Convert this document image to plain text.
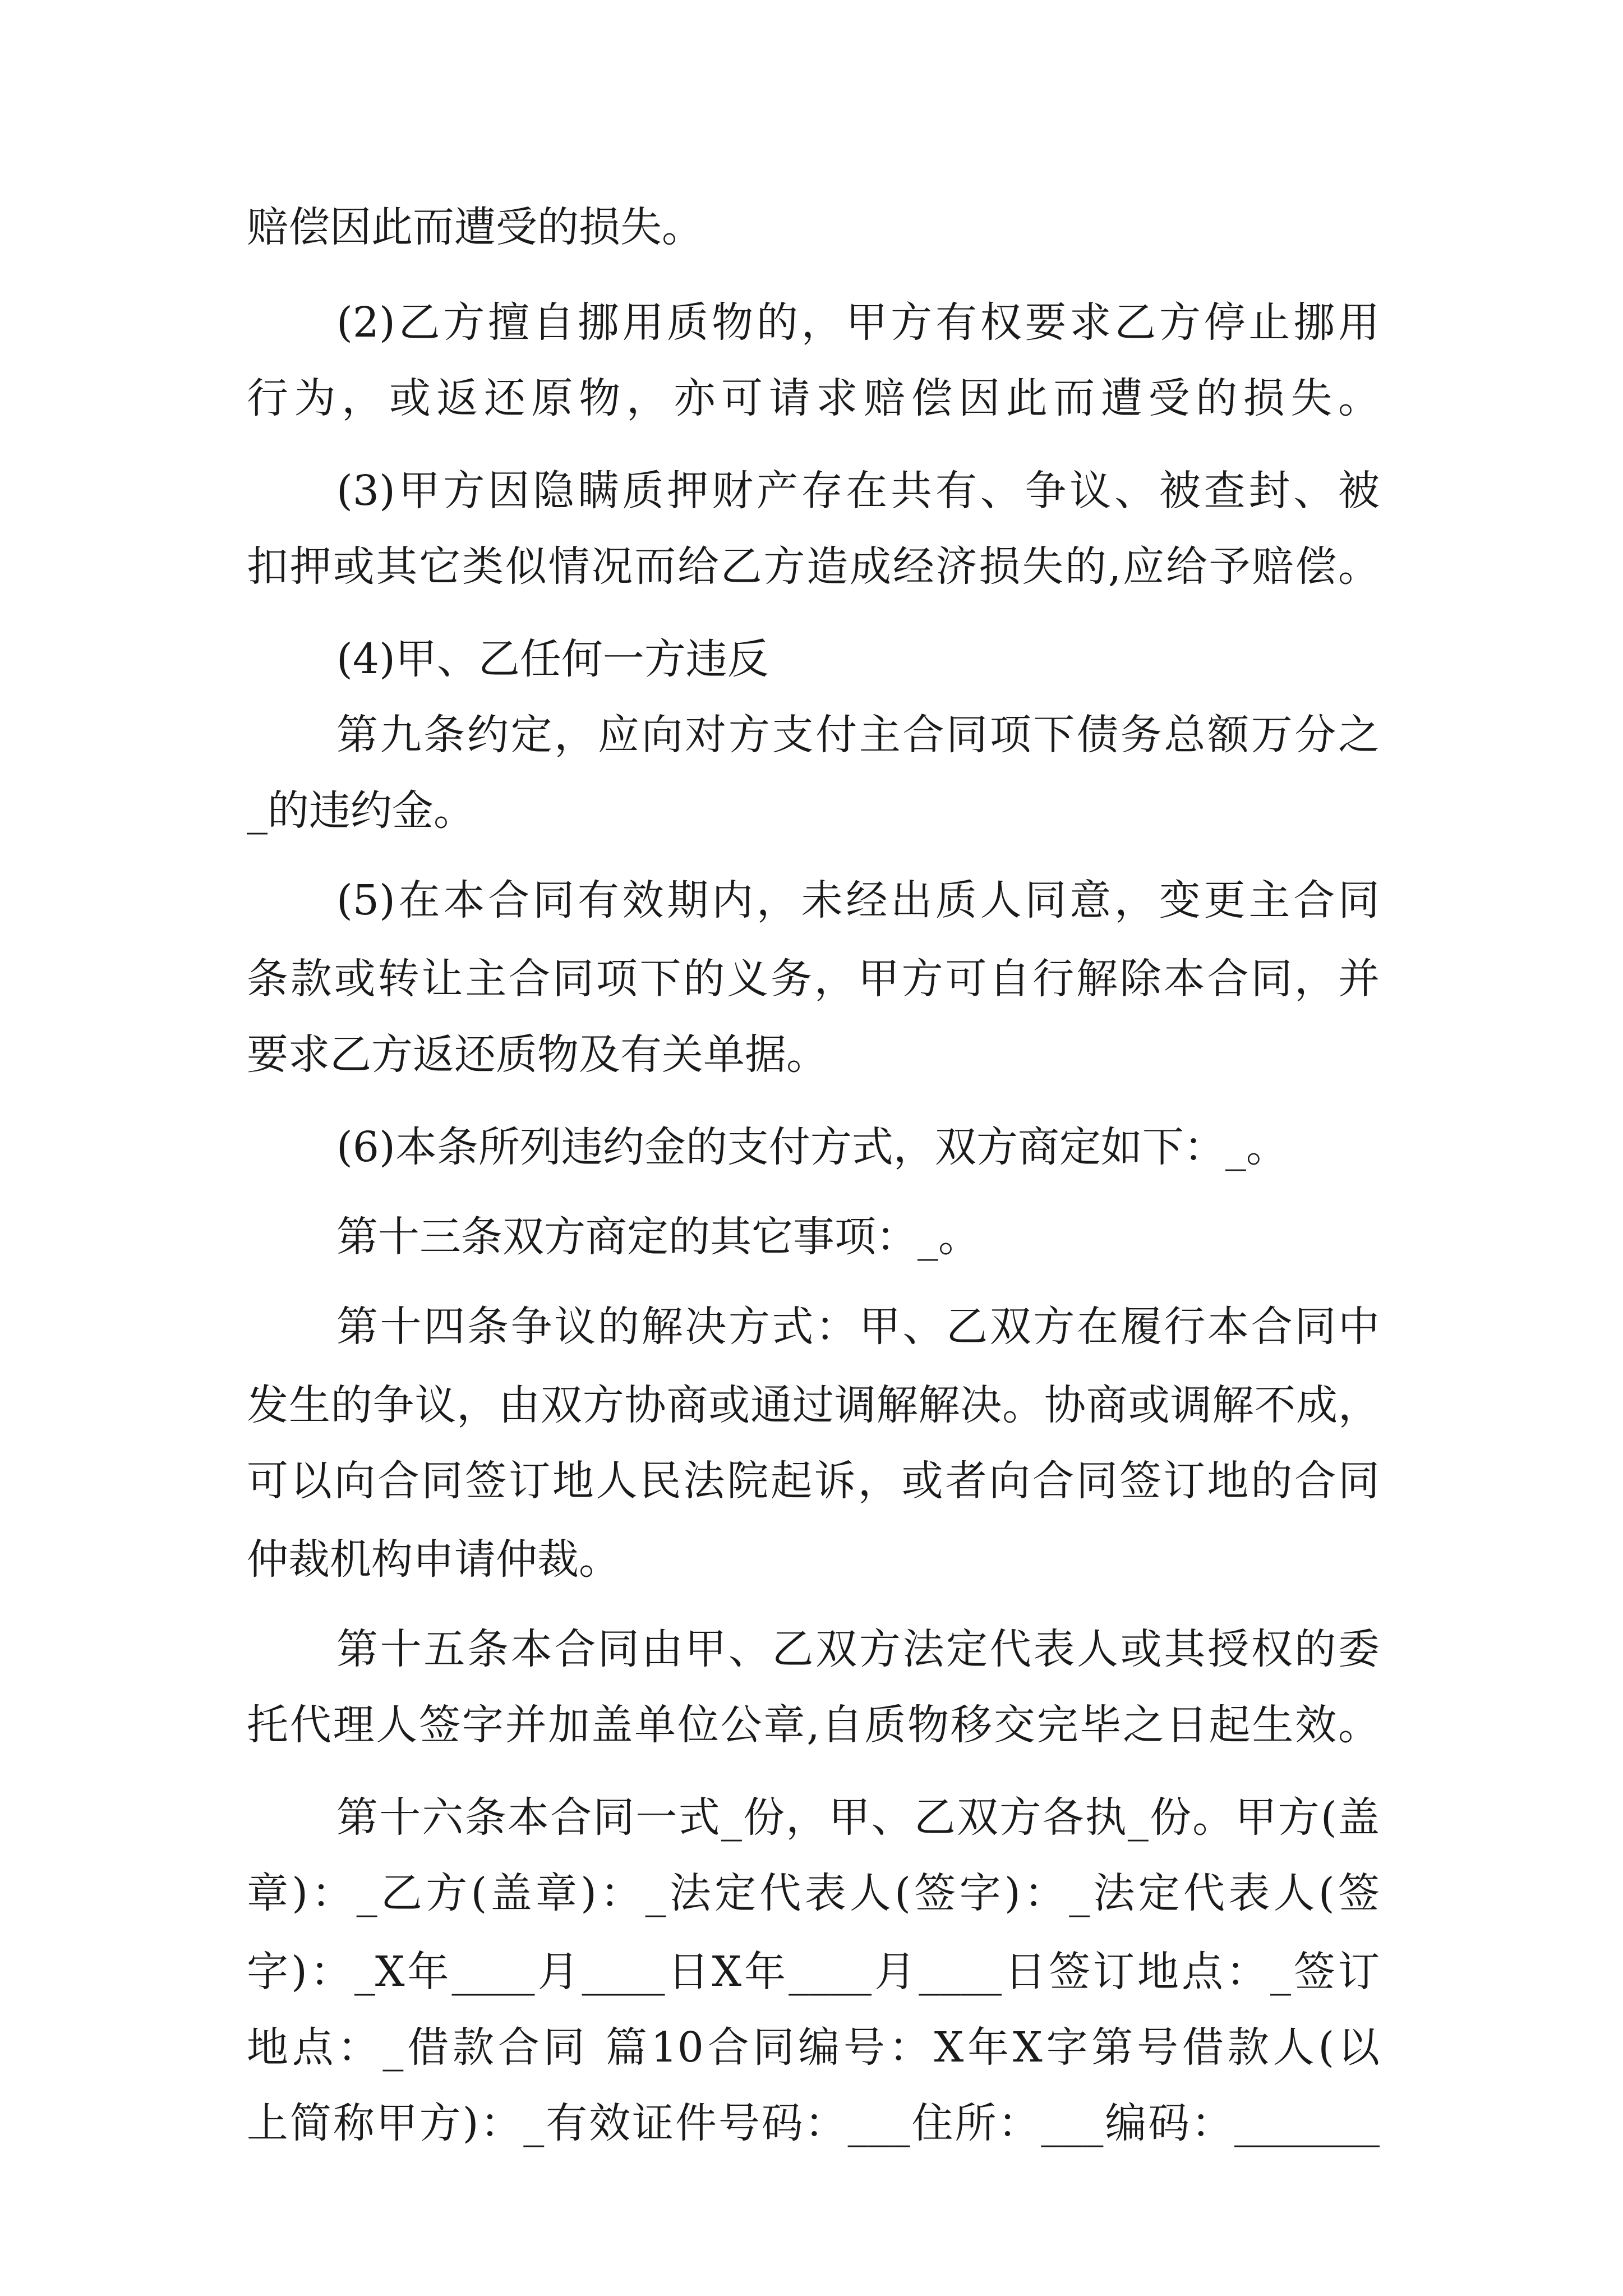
赔偿因此而遭受的损失。
(2)乙方擅自挪用质物的，甲方有权要求乙方停止挪用
行为，或返还原物，亦可请求赔偿因此而遭受的损失。
(3)甲方因隐瞒质押财产存在共有、争议、被查封、被
扣押或其它类似情况而给乙方造成经济损失的,应给予赔偿。
(4)甲、乙任何一方违反
第九条约定，应向对方支付主合同项下债务总额万分之
_的违约金。
(5)在本合同有效期内，未经出质人同意，变更主合同
条款或转让主合同项下的义务，甲方可自行解除本合同，并
要求乙方返还质物及有关单据。
(6)本条所列违约金的支付方式，双方商定如下：_。
第十三条双方商定的其它事项：_。
第十四条争议的解决方式：甲、乙双方在履行本合同中
发生的争议，由双方协商或通过调解解决。协商或调解不成，
可以向合同签订地人民法院起诉，或者向合同签订地的合同
仲裁机构申请仲裁。
第十五条本合同由甲、乙双方法定代表人或其授权的委
托代理人签字并加盖单位公章,自质物移交完毕之日起生效。
第十六条本合同一式_份，甲、乙双方各执_份。甲方(盖
章)：_乙方(盖章)：_法定代表人(签字)：_法定代表人(签
字)：_X年____月____日X年____月____日签订地点：_签订
地点：_借款合同 篇10合同编号：X年X字第号借款人(以
上简称甲方)：_有效证件号码：___住所：___编码：_______
